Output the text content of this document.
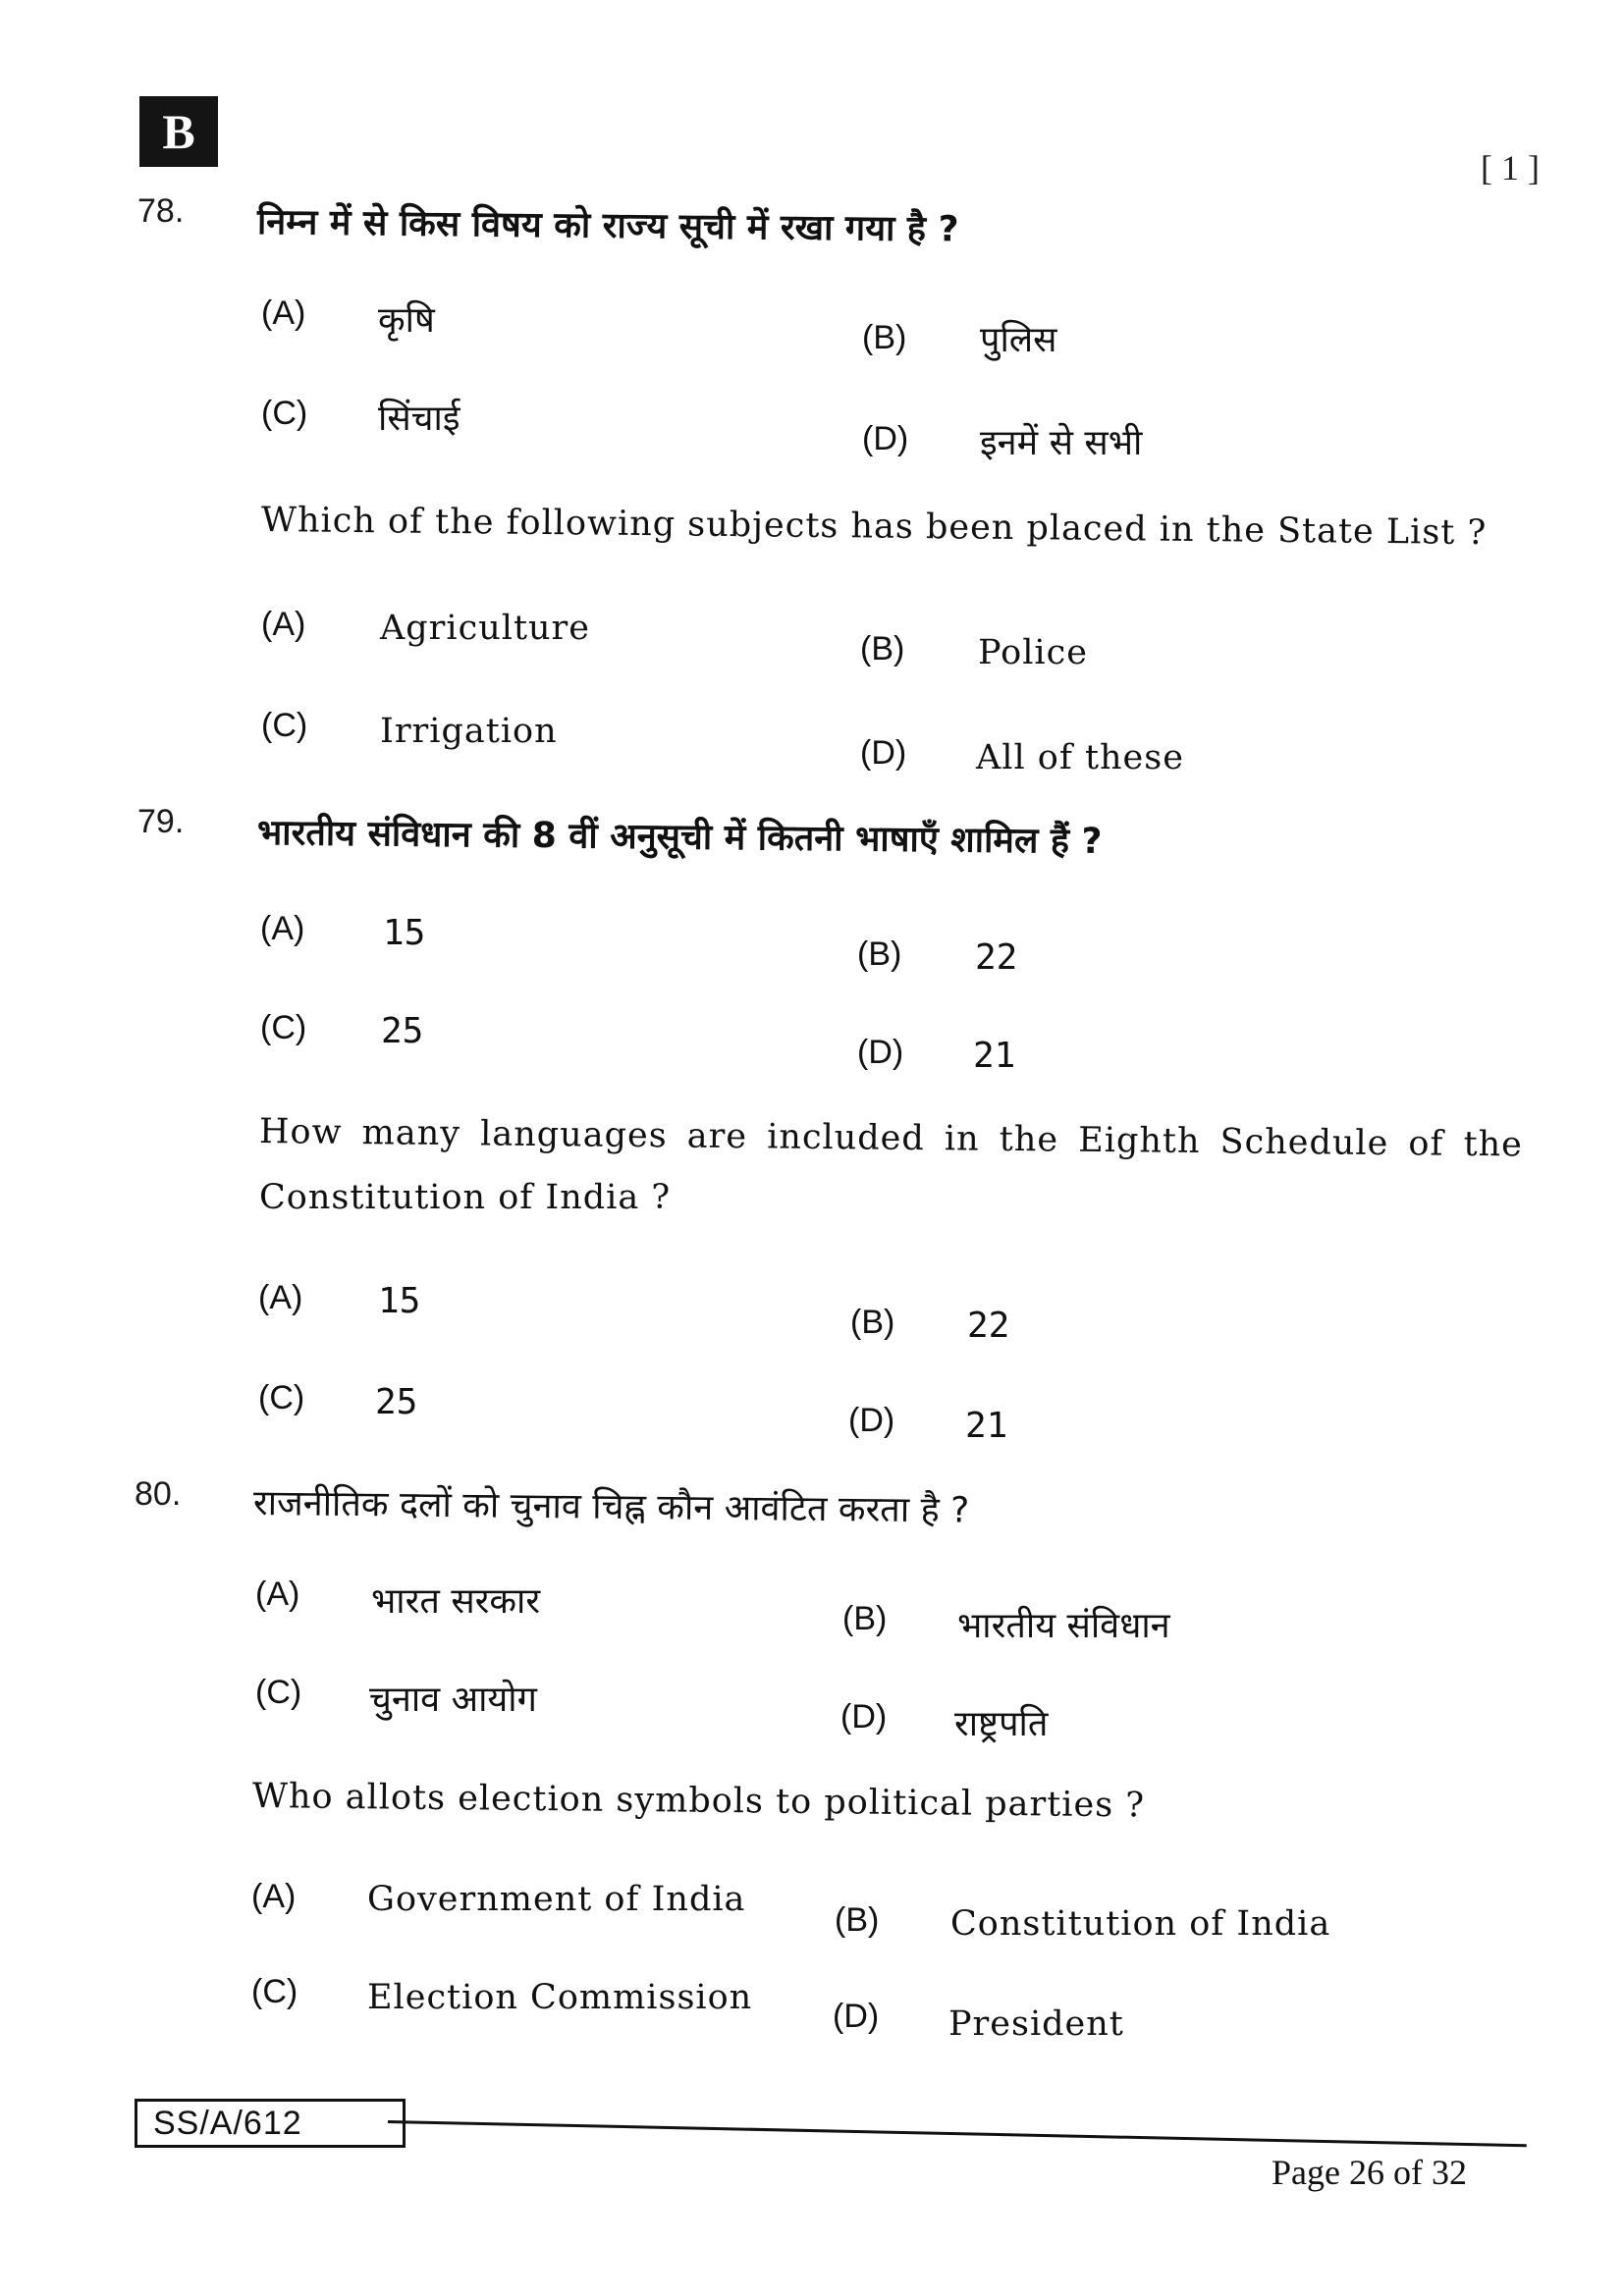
B
[ 1 ]
78. निम्न में से किस विषय को राज्य सूची में रखा गया है ?
(A) कृषि	(B) पुलिस
(C) सिंचाई	(D) इनमें से सभी
Which of the following subjects has been placed in the State List ?
(A) Agriculture
(B) Police
(C) Irrigation
(D) All of these
79. भारतीय संविधान की 8 वीं अनुसूची में कितनी भाषाएँ शामिल हैं ?
(A) 15
(B) 22
(C) 25
(D) 21
How many languages are included in the Eighth Schedule of the
Constitution of India ?
(A) 15
(B) 22
(C) 25	(D) 21
80. राजनीतिक दलों को चुनाव चिह्न कौन आवंटित करता है ?
(A) भारत सरकार	(B) भारतीय संविधान
(C) चुनाव आयोग	(D) राष्ट्रपति
Who allots election symbols to political parties ?
(A) Government of India
(B) Constitution of India
(C) Election Commission (D) President
SS/A/612
Page 26 of 32
